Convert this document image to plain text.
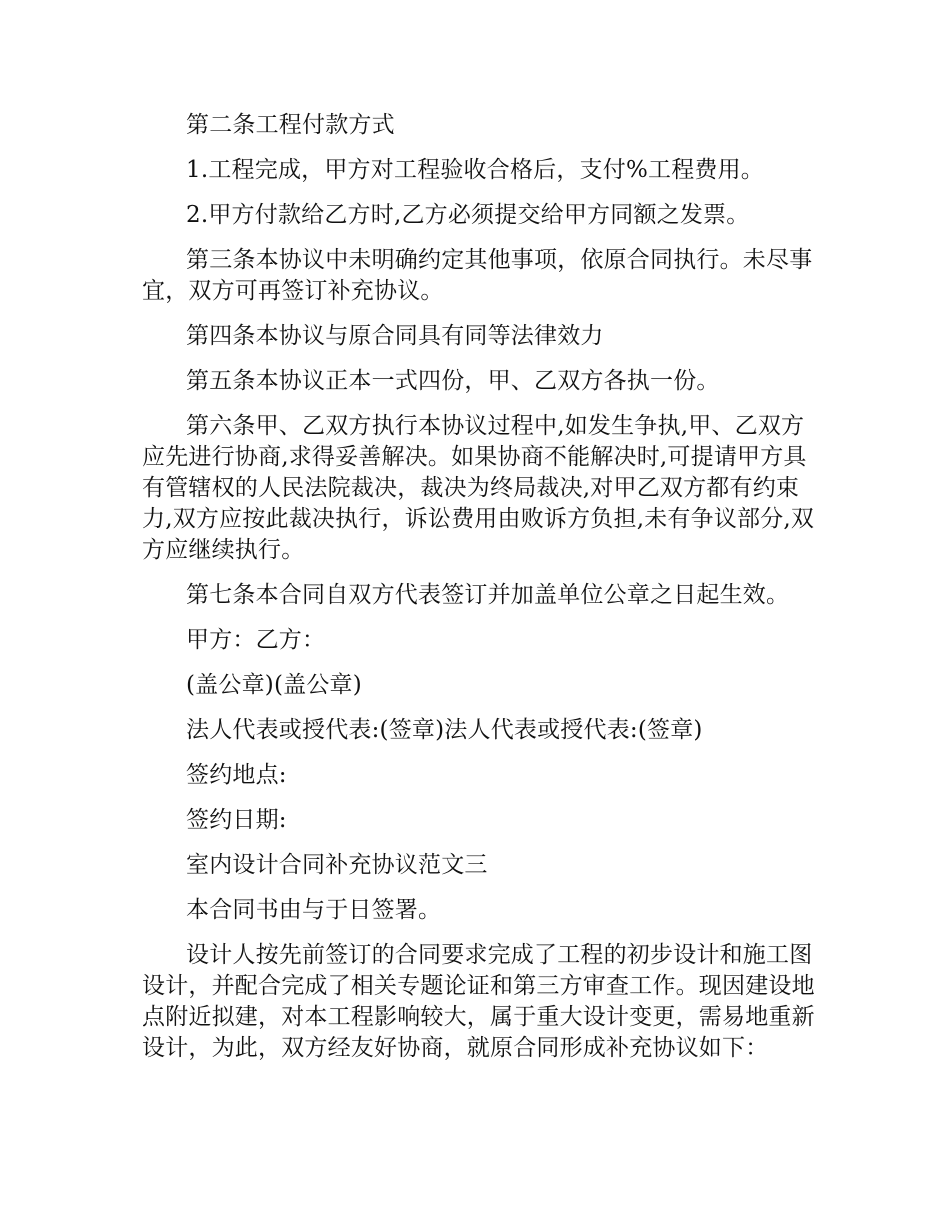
第二条工程付款方式

1.工程完成，甲方对工程验收合格后，支付%工程费用。

2.甲方付款给乙方时,乙方必须提交给甲方同额之发票。

第三条本协议中未明确约定其他事项，依原合同执行。未尽事宜，双方可再签订补充协议。

第四条本协议与原合同具有同等法律效力

第五条本协议正本一式四份，甲、乙双方各执一份。

第六条甲、乙双方执行本协议过程中,如发生争执,甲、乙双方应先进行协商,求得妥善解决。如果协商不能解决时,可提请甲方具有管辖权的人民法院裁决，裁决为终局裁决,对甲乙双方都有约束力,双方应按此裁决执行，诉讼费用由败诉方负担,未有争议部分,双方应继续执行。

第七条本合同自双方代表签订并加盖单位公章之日起生效。

甲方：乙方：

(盖公章)(盖公章)

法人代表或授代表:(签章)法人代表或授代表:(签章)

签约地点:

签约日期:

室内设计合同补充协议范文三

本合同书由与于日签署。

设计人按先前签订的合同要求完成了工程的初步设计和施工图设计，并配合完成了相关专题论证和第三方审查工作。现因建设地点附近拟建，对本工程影响较大，属于重大设计变更，需易地重新设计，为此，双方经友好协商，就原合同形成补充协议如下：
